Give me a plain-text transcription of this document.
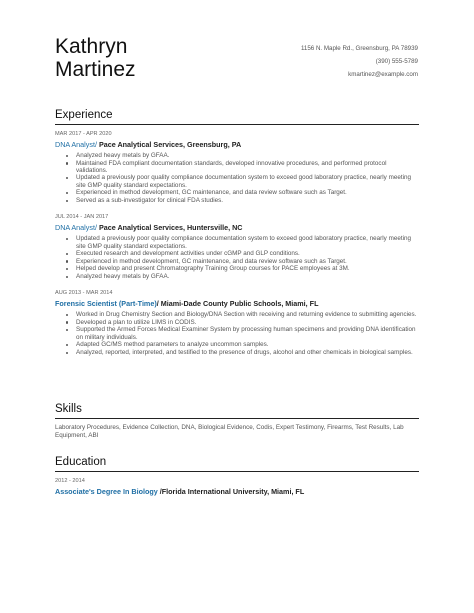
Kathryn
Martinez
1156 N. Maple Rd., Greensburg, PA 78939
(390) 555-5789
kmartinez@example.com
Experience
MAR 2017 - APR 2020
DNA Analyst/ Pace Analytical Services, Greensburg, PA
Analyzed heavy metals by GFAA.
Maintained FDA compliant documentation standards, developed innovative procedures, and performed protocol validations.
Updated a previously poor quality compliance documentation system to exceed good laboratory practice, nearly meeting site GMP quality standard expectations.
Experienced in method development, GC maintenance, and data review software such as Target.
Served as a sub-investigator for clinical FDA studies.
JUL 2014 - JAN 2017
DNA Analyst/ Pace Analytical Services, Huntersville, NC
Updated a previously poor quality compliance documentation system to exceed good laboratory practice, nearly meeting site GMP quality standard expectations.
Executed research and development activities under cGMP and GLP conditions.
Experienced in method development, GC maintenance, and data review software such as Target.
Helped develop and present Chromatography Training Group courses for PACE employees at 3M.
Analyzed heavy metals by GFAA.
AUG 2013 - MAR 2014
Forensic Scientist (Part-Time)/ Miami-Dade County Public Schools, Miami, FL
Worked in Drug Chemistry Section and Biology/DNA Section with receiving and returning evidence to submitting agencies.
Developed a plan to utilize LIMS in CODIS.
Supported the Armed Forces Medical Examiner System by processing human specimens and providing DNA identification on military individuals.
Adapted GC/MS method parameters to analyze uncommon samples.
Analyzed, reported, interpreted, and testified to the presence of drugs, alcohol and other chemicals in biological samples.
Skills
Laboratory Procedures, Evidence Collection, DNA, Biological Evidence, Codis, Expert Testimony, Firearms, Test Results, Lab Equipment, ABI
Education
2012 - 2014
Associate's Degree In Biology /Florida International University, Miami, FL
